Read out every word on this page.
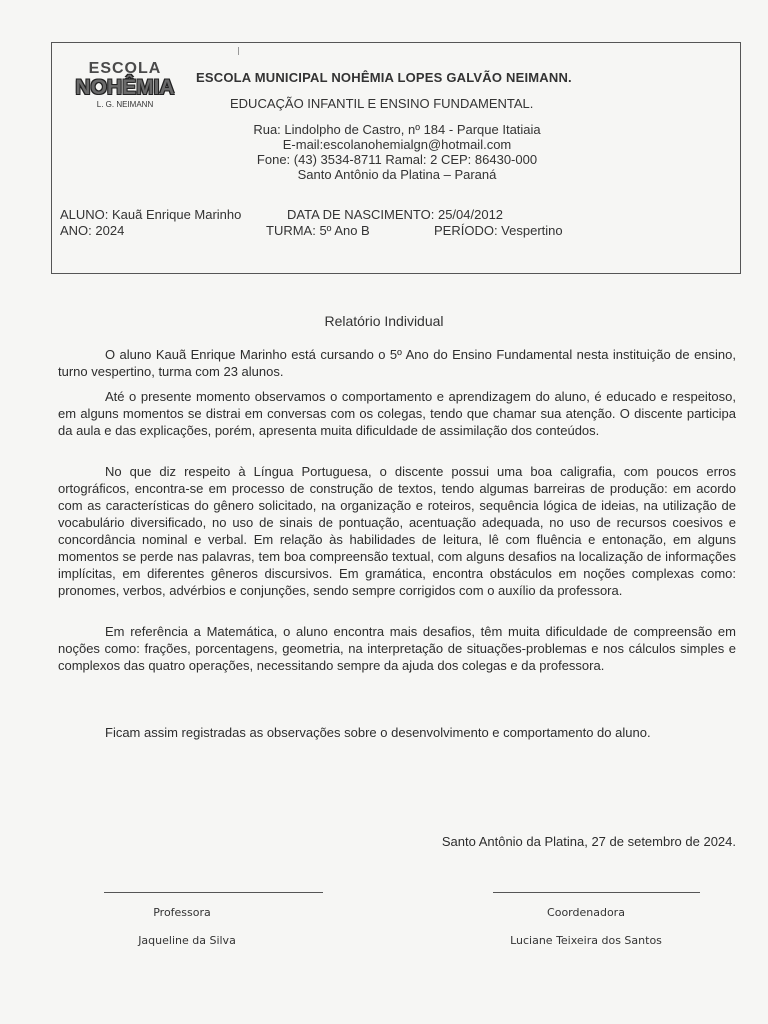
ESCOLA
NOHÊMIA
L. G. NEIMANN
ESCOLA MUNICIPAL NOHÊMIA LOPES GALVÃO NEIMANN.
EDUCAÇÃO INFANTIL E ENSINO FUNDAMENTAL.
Rua: Lindolpho de Castro, nº 184 - Parque Itatiaia
E-mail:escolanohemialgn@hotmail.com
Fone: (43) 3534-8711 Ramal: 2 CEP: 86430-000
Santo Antônio da Platina – Paraná
ALUNO: Kauã Enrique Marinho	DATA DE NASCIMENTO: 25/04/2012
ANO: 2024	TURMA: 5º Ano B	PERÍODO: Vespertino
Relatório Individual

O aluno Kauã Enrique Marinho está cursando o 5º Ano do Ensino Fundamental nesta instituição de ensino, turno vespertino, turma com 23 alunos.

Até o presente momento observamos o comportamento e aprendizagem do aluno, é educado e respeitoso, em alguns momentos se distrai em conversas com os colegas, tendo que chamar sua atenção. O discente participa da aula e das explicações, porém, apresenta muita dificuldade de assimilação dos conteúdos.

No que diz respeito à Língua Portuguesa, o discente possui uma boa caligrafia, com poucos erros ortográficos, encontra-se em processo de construção de textos, tendo algumas barreiras de produção: em acordo com as características do gênero solicitado, na organização e roteiros, sequência lógica de ideias, na utilização de vocabulário diversificado, no uso de sinais de pontuação, acentuação adequada, no uso de recursos coesivos e concordância nominal e verbal. Em relação às habilidades de leitura, lê com fluência e entonação, em alguns momentos se perde nas palavras, tem boa compreensão textual, com alguns desafios na localização de informações implícitas, em diferentes gêneros discursivos. Em gramática, encontra obstáculos em noções complexas como: pronomes, verbos, advérbios e conjunções, sendo sempre corrigidos com o auxílio da professora.

Em referência a Matemática, o aluno encontra mais desafios, têm muita dificuldade de compreensão em noções como: frações, porcentagens, geometria, na interpretação de situações-problemas e nos cálculos simples e complexos das quatro operações, necessitando sempre da ajuda dos colegas e da professora.

Ficam assim registradas as observações sobre o desenvolvimento e comportamento do aluno.
Santo Antônio da Platina, 27 de setembro de 2024.
Professora
Jaqueline da Silva
Coordenadora
Luciane Teixeira dos Santos
